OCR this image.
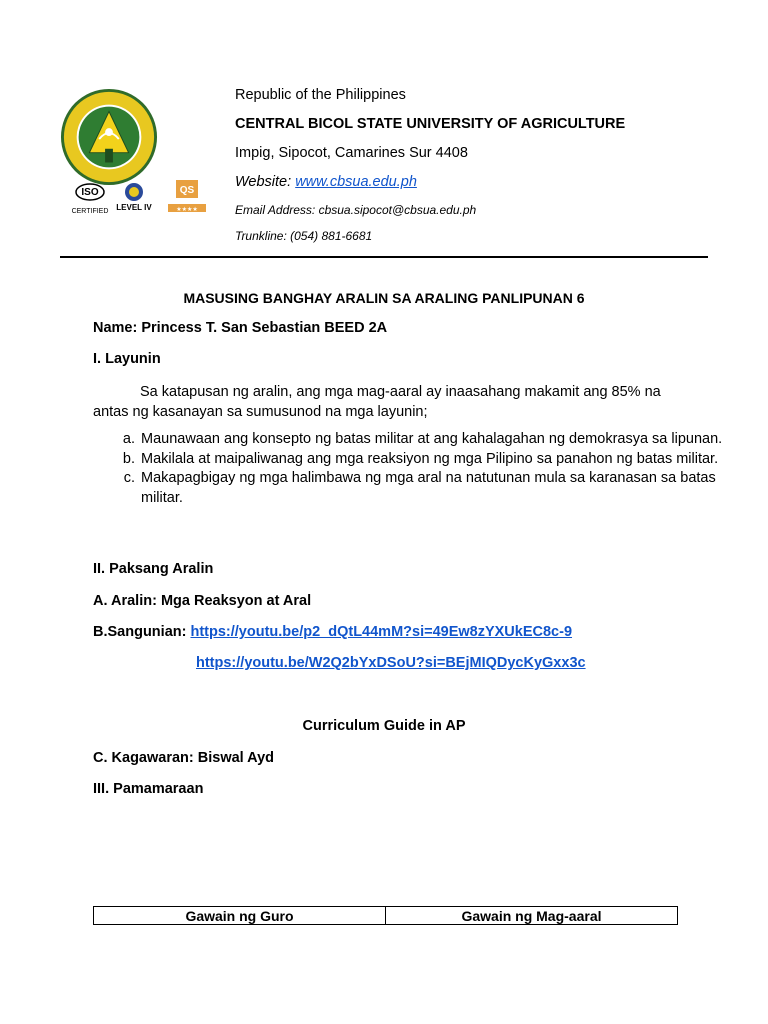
ISO
CERTIFIED LEVEL IV
QS
★★★★
Republic of the Philippines
CENTRAL BICOL STATE UNIVERSITY OF AGRICULTURE
Impig, Sipocot, Camarines Sur 4408
Website: www.cbsua.edu.ph
Email Address: cbsua.sipocot@cbsua.edu.ph
Trunkline: (054) 881-6681
MASUSING BANGHAY ARALIN SA ARALING PANLIPUNAN 6
Name: Princess T. San Sebastian BEED 2A
I. Layunin
Sa katapusan ng aralin, ang mga mag-aaral ay inaasahang makamit ang 85% na antas ng kasanayan sa sumusunod na mga layunin;
a. Maunawaan ang konsepto ng batas militar at ang kahalagahan ng demokrasya sa lipunan.
b. Makilala at maipaliwanag ang mga reaksiyon ng mga Pilipino sa panahon ng batas militar.
c. Makapagbigay ng mga halimbawa ng mga aral na natutunan mula sa karanasan sa batas militar.
II. Paksang Aralin
A. Aralin: Mga Reaksyon at Aral
B.Sangunian: https://youtu.be/p2_dQtL44mM?si=49Ew8zYXUkEC8c-9
https://youtu.be/W2Q2bYxDSoU?si=BEjMIQDycKyGxx3c
Curriculum Guide in AP
C. Kagawaran: Biswal Ayd
III. Pamamaraan
Gawain ng Guro	Gawain ng Mag-aaral
